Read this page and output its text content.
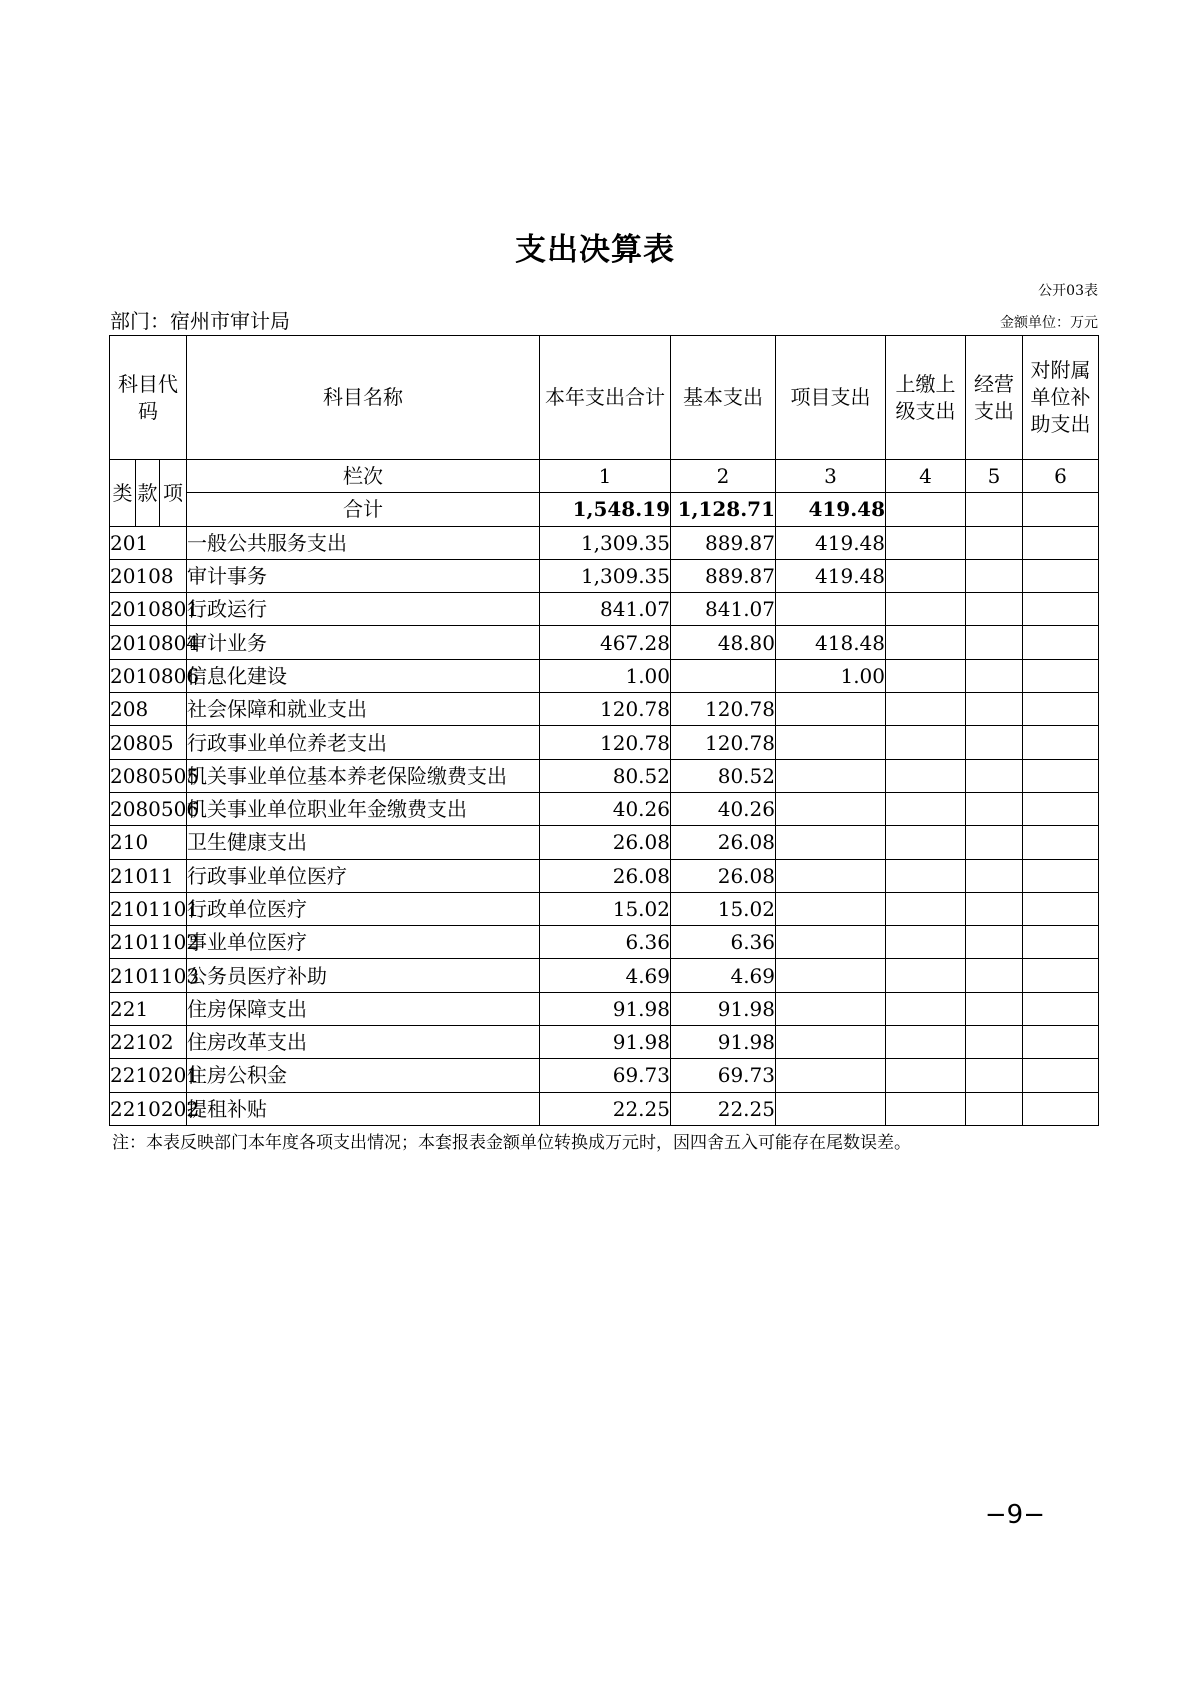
支出决算表
公开03表
部门：宿州市审计局	金额单位：万元
科目代码			科目名称	本年支出合计	基本支出	项目支出	上缴上级支出	经营支出	对附属单位补助支出
类	款	项	栏次	1	2	3	4	5	6
			合计	1,548.19	1,128.71	419.48			
201			一般公共服务支出	1,309.35	889.87	419.48			
20108			审计事务	1,309.35	889.87	419.48			
2010801			行政运行	841.07	841.07				
2010804			审计业务	467.28	48.80	418.48			
2010806			信息化建设	1.00		1.00			
208			社会保障和就业支出	120.78	120.78				
20805			行政事业单位养老支出	120.78	120.78				
2080505			机关事业单位基本养老保险缴费支出	80.52	80.52				
2080506			机关事业单位职业年金缴费支出	40.26	40.26				
210			卫生健康支出	26.08	26.08				
21011			行政事业单位医疗	26.08	26.08				
2101101			行政单位医疗	15.02	15.02				
2101102			事业单位医疗	6.36	6.36				
2101103			公务员医疗补助	4.69	4.69				
221			住房保障支出	91.98	91.98				
22102			住房改革支出	91.98	91.98				
2210201			住房公积金	69.73	69.73				
2210202			提租补贴	22.25	22.25				
注：本表反映部门本年度各项支出情况；本套报表金额单位转换成万元时，因四舍五入可能存在尾数误差。
−9−
